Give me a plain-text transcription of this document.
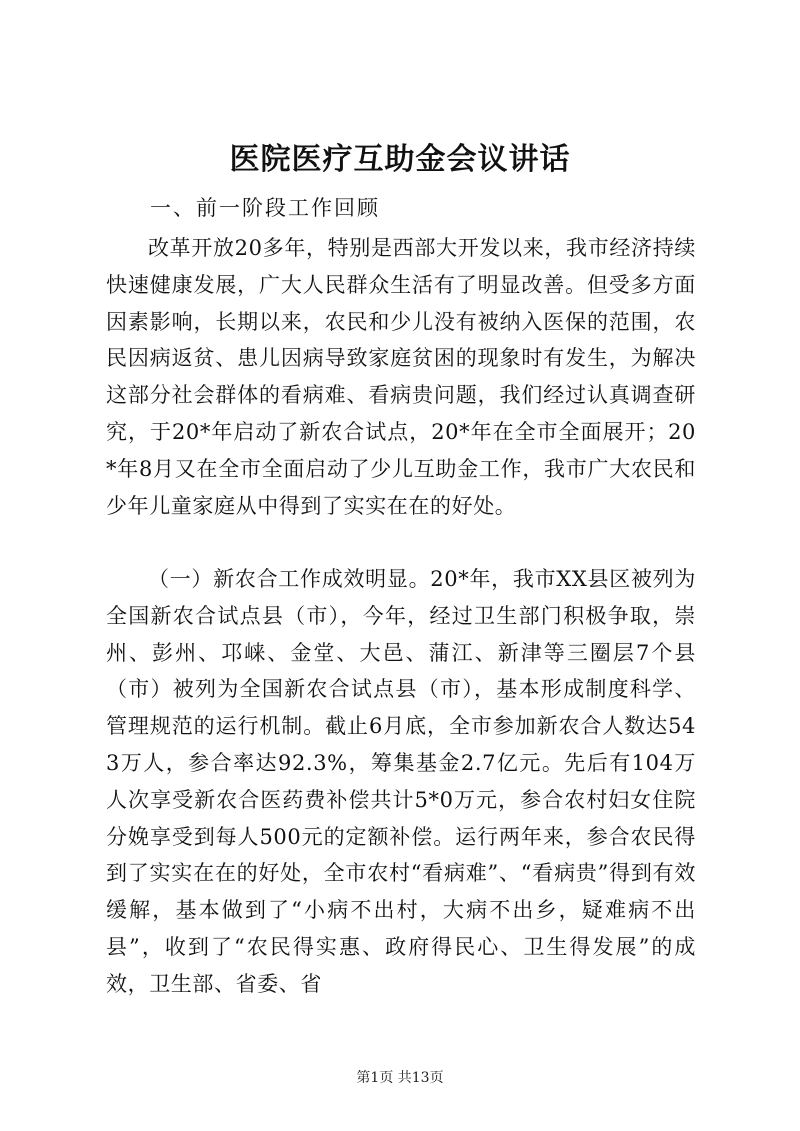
医院医疗互助金会议讲话
一、前一阶段工作回顾
改革开放20多年，特别是西部大开发以来，我市经济持续快速健康发展，广大人民群众生活有了明显改善。但受多方面因素影响，长期以来，农民和少儿没有被纳入医保的范围，农民因病返贫、患儿因病导致家庭贫困的现象时有发生，为解决这部分社会群体的看病难、看病贵问题，我们经过认真调查研究，于20*年启动了新农合试点，20*年在全市全面展开；20*年8月又在全市全面启动了少儿互助金工作，我市广大农民和少年儿童家庭从中得到了实实在在的好处。
（一）新农合工作成效明显。20*年，我市XX县区被列为全国新农合试点县（市），今年，经过卫生部门积极争取，崇州、彭州、邛崃、金堂、大邑、蒲江、新津等三圈层7个县（市）被列为全国新农合试点县（市），基本形成制度科学、管理规范的运行机制。截止6月底，全市参加新农合人数达543万人，参合率达92.3%，筹集基金2.7亿元。先后有104万人次享受新农合医药费补偿共计5*0万元，参合农村妇女住院分娩享受到每人500元的定额补偿。运行两年来，参合农民得到了实实在在的好处，全市农村“看病难”、“看病贵”得到有效缓解，基本做到了“小病不出村，大病不出乡，疑难病不出县”，收到了“农民得实惠、政府得民心、卫生得发展”的成效，卫生部、省委、省
第1页 共13页
